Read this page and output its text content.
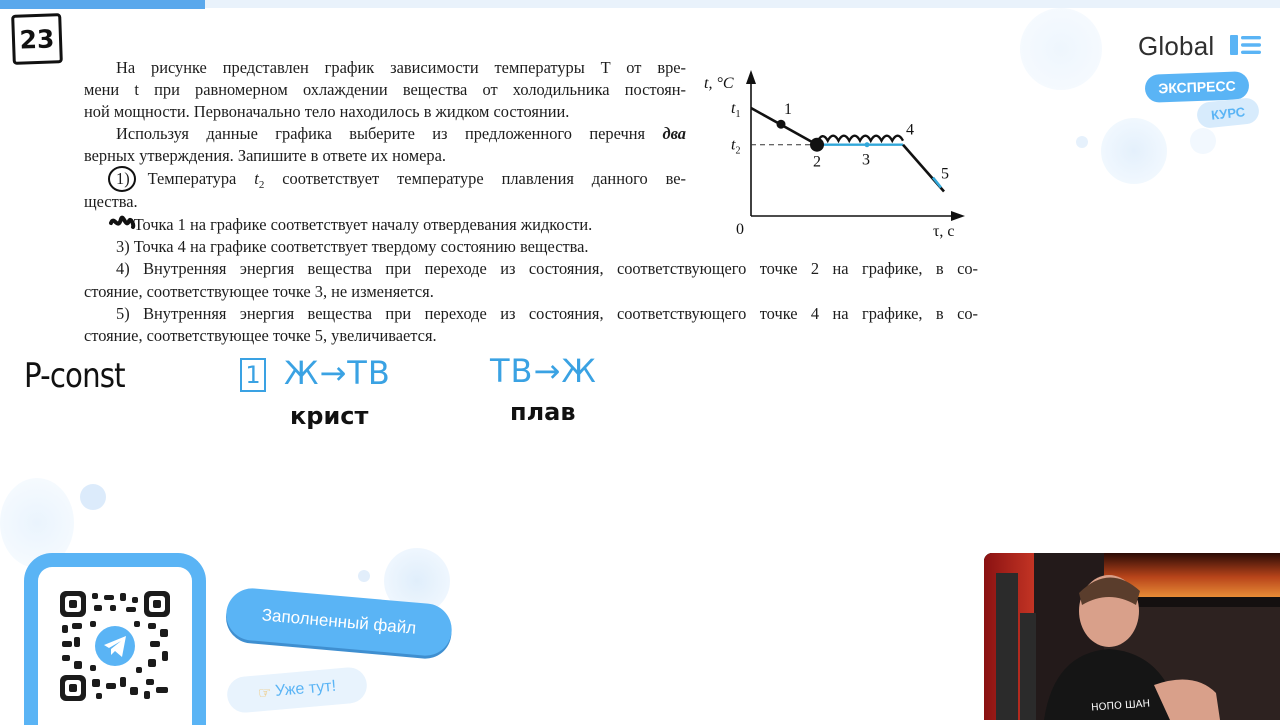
23

На рисунке представлен график зависимости температуры T от вре-

мени t при равномерном охлаждении вещества от холодильника постоян-

ной мощности. Первоначально тело находилось в жидком состоянии.

Используя данные графика выберите из предложенного перечня два

верных утверждения. Запишите в ответе их номера.

1) Температура $t_2$ соответствует температуре плавления данного ве-

щества.

Точка 1 на графике соответствует началу отвердевания жидкости.

3) Точка 4 на графике соответствует твердому состоянию вещества.

4) Внутренняя энергия вещества при переходе из состояния, соответствующего точке 2 на графике, в со-

стояние, соответствующее точке 3, не изменяется.

5) Внутренняя энергия вещества при переходе из состояния, соответствующего точке 4 на графике, в со-

стояние, соответствующее точке 5, увеличивается.

τ, с
t, °C
0
$t_1$
$t_2$
1
2	3
4
5
Global
ЭКСПРЕСС
КУРС
P-const	1 Ж→ТВ
крист
ТВ→Ж
плав
Заполненный файл
☞ Уже тут!
НОПО ШАН
